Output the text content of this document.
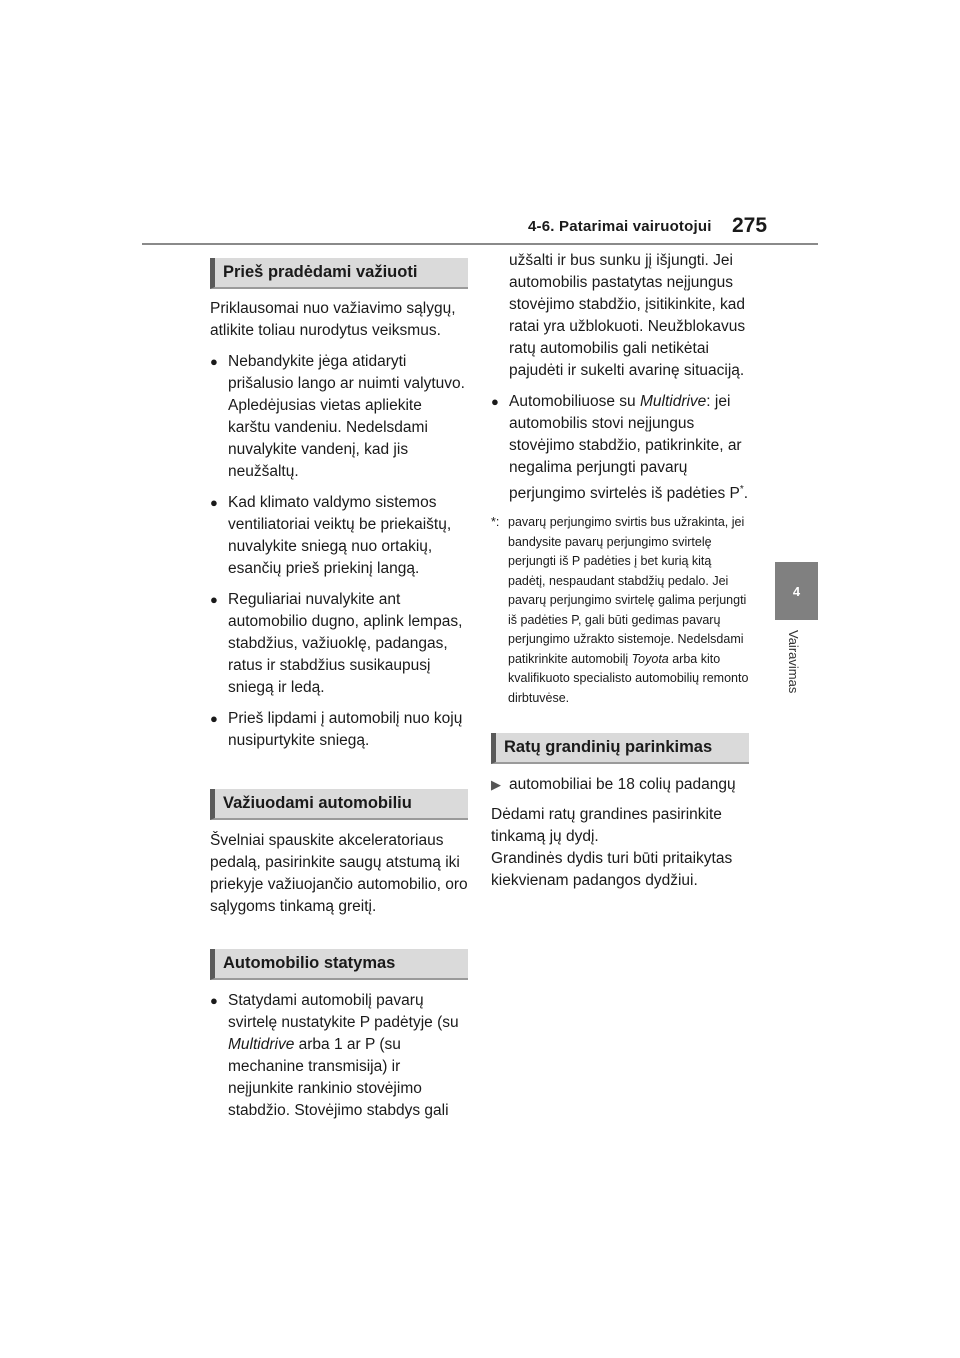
4-6. Patarimai vairuotojui 275
4
Vairavimas
Prieš pradėdami važiuoti

Priklausomai nuo važiavimo sąlygų, atlikite toliau nurodytus veiksmus.

● Nebandykite jėga atidaryti prišalusio lango ar nuimti valytuvo. Apledėjusias vietas apliekite karštu vandeniu. Nedelsdami nuvalykite vandenį, kad jis neužšaltų.
● Kad klimato valdymo sistemos ventiliatoriai veiktų be priekaištų, nuvalykite sniegą nuo ortakių, esančių prieš priekinį langą.
● Reguliariai nuvalykite ant automobilio dugno, aplink lempas, stabdžius, važiuoklę, padangas, ratus ir stabdžius susikaupusį sniegą ir ledą.
● Prieš lipdami į automobilį nuo kojų nusipurtykite sniegą.
Važiuodami automobiliu

Švelniai spauskite akceleratoriaus pedalą, pasirinkite saugų atstumą iki priekyje važiuojančio automobilio, oro sąlygoms tinkamą greitį.

Automobilio statymas
● Statydami automobilį pavarų svirtelę nustatykite P padėtyje (su Multidrive arba 1 ar P (su mechanine transmisija) ir neįjunkite rankinio stovėjimo stabdžio. Stovėjimo stabdys gali

užšalti ir bus sunku jį išjungti. Jei automobilis pastatytas neįjungus stovėjimo stabdžio, įsitikinkite, kad ratai yra užblokuoti. Neužblokavus ratų automobilis gali netikėtai pajudėti ir sukelti avarinę situaciją.

● Automobiliuose su Multidrive: jei automobilis stovi neįjungus stovėjimo stabdžio, patikrinkite, ar negalima perjungti pavarų perjungimo svirtelės iš padėties P*.
*: pavarų perjungimo svirtis bus užrakinta, jei bandysite pavarų perjungimo svirtelę perjungti iš P padėties į bet kurią kitą padėtį, nespaudant stabdžių pedalo. Jei pavarų perjungimo svirtelę galima perjungti iš padėties P, gali būti gedimas pavarų perjungimo užrakto sistemoje. Nedelsdami patikrinkite automobilį Toyota arba kito kvalifikuoto specialisto automobilių remonto dirbtuvėse.
Ratų grandinių parinkimas
▶ automobiliai be 18 colių padangų

Dėdami ratų grandines pasirinkite tinkamą jų dydį.

Grandinės dydis turi būti pritaikytas kiekvienam padangos dydžiui.
